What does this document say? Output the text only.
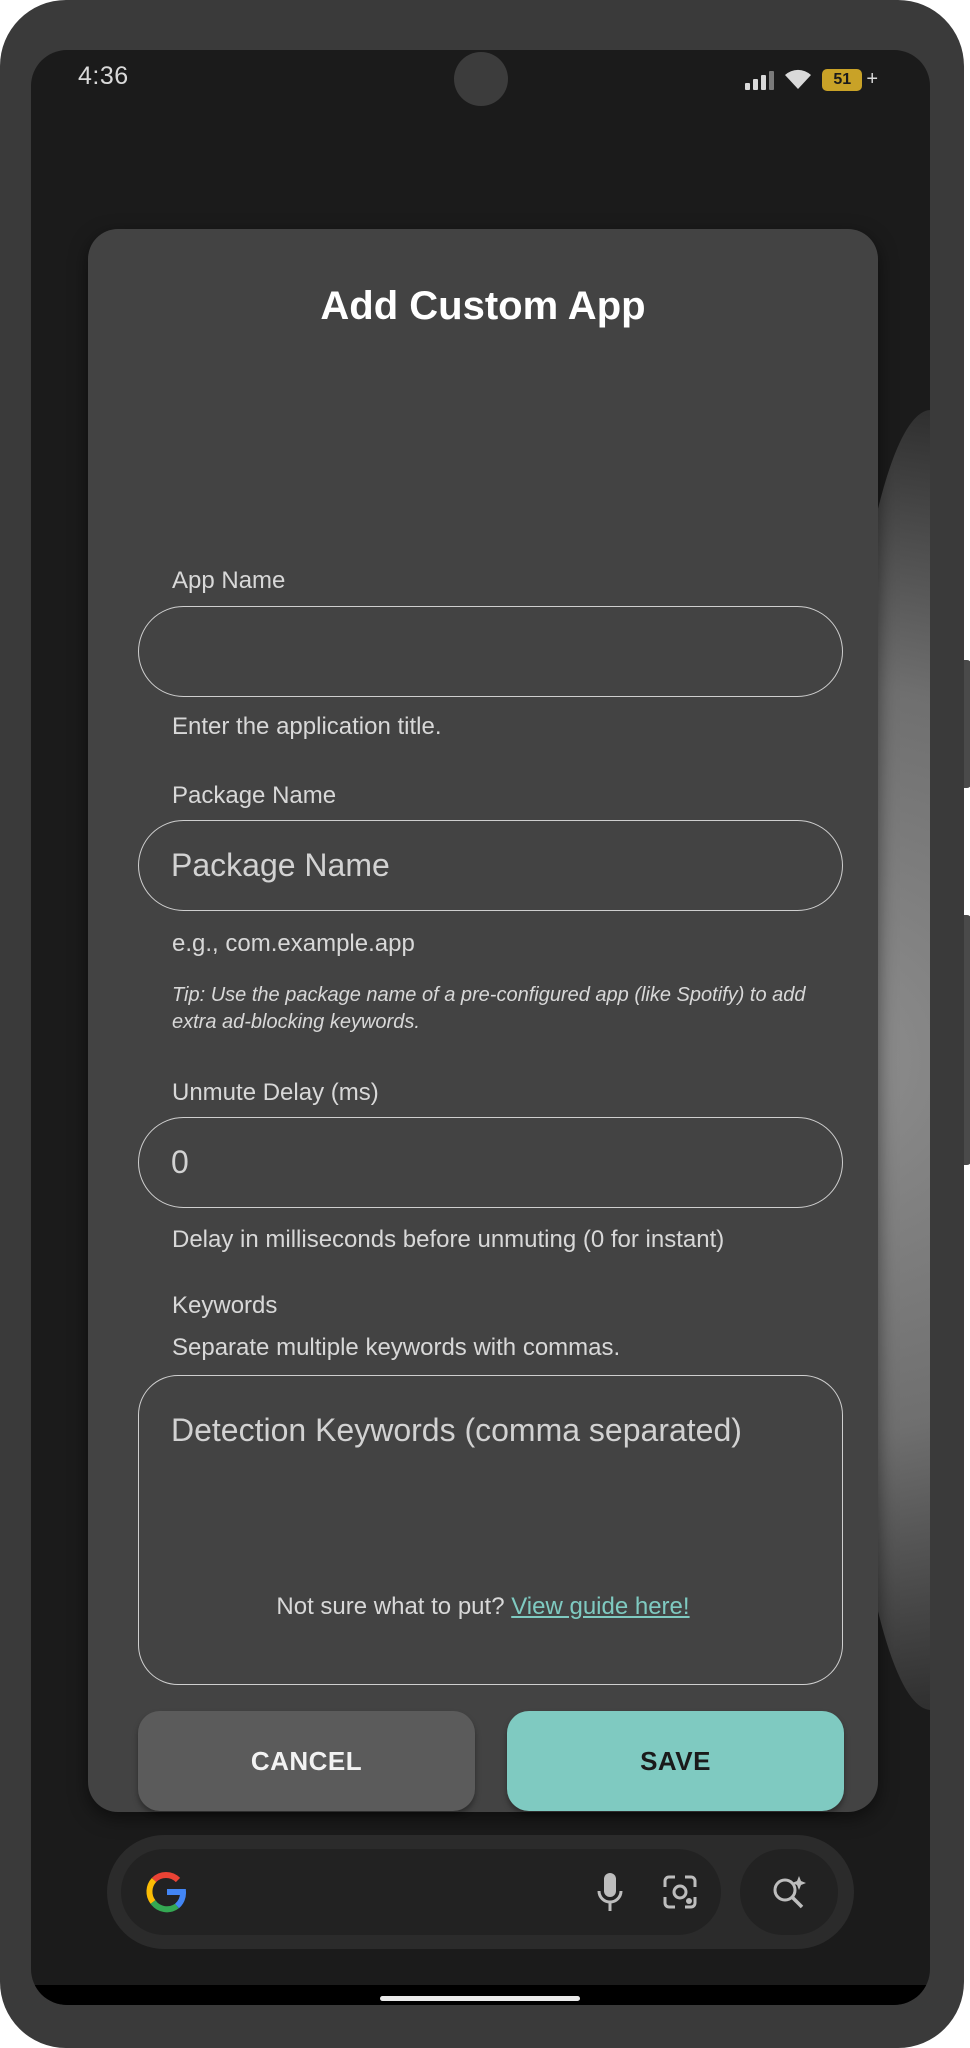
4:36	51 +
Add Custom App
App Name
Enter the application title.
Package Name
Package Name
e.g., com.example.app
Tip: Use the package name of a pre-configured app (like Spotify) to add extra ad-blocking keywords.
Unmute Delay (ms)
0
Delay in milliseconds before unmuting (0 for instant)
Keywords
Separate multiple keywords with commas.
Detection Keywords (comma separated)
Not sure what to put? View guide here!
CANCEL	SAVE
